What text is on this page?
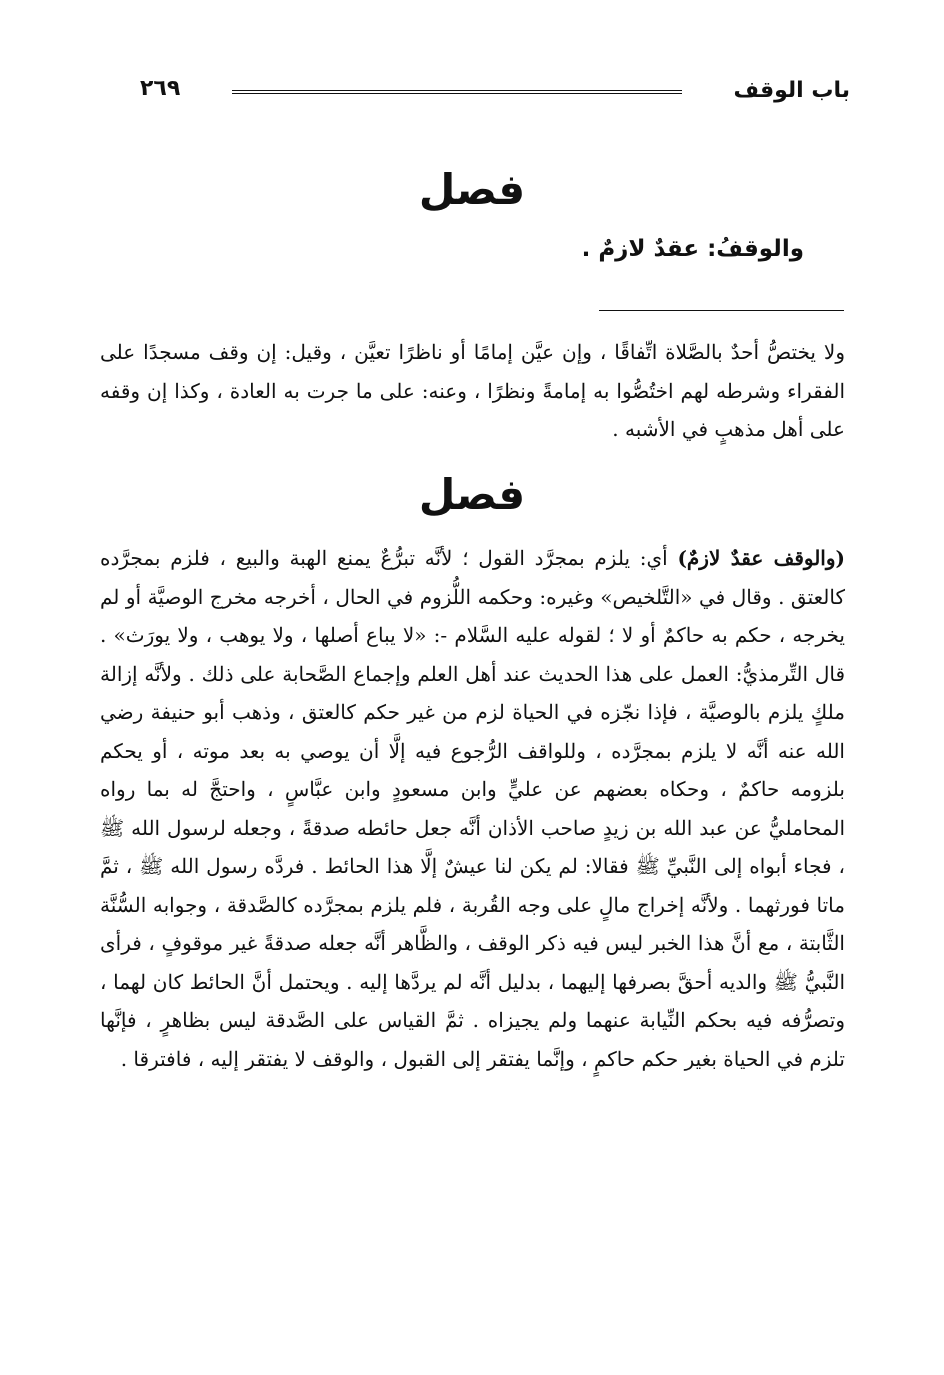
باب الوقف
٢٦٩
فصل
والوقفُ: عقدٌ لازمٌ .
ولا يختصُّ أحدٌ بالصَّلاة اتِّفاقًا ، وإن عيَّن إمامًا أو ناظرًا تعيَّن ، وقيل: إن وقف مسجدًا على الفقراء وشرطه لهم اختُصُّوا به إمامةً ونظرًا ، وعنه: على ما جرت به العادة ، وكذا إن وقفه على أهل مذهبٍ في الأشبه .
فصل
(والوقف عقدٌ لازمٌ) أي: يلزم بمجرَّد القول ؛ لأنَّه تبرُّعٌ يمنع الهبة والبيع ، فلزم بمجرَّده كالعتق . وقال في «التَّلخيص» وغيره: وحكمه اللُّزوم في الحال ، أخرجه مخرج الوصيَّة أو لم يخرجه ، حكم به حاكمٌ أو لا ؛ لقوله عليه السَّلام -: «لا يباع أصلها ، ولا يوهب ، ولا يورَث» . قال التِّرمذيُّ: العمل على هذا الحديث عند أهل العلم وإجماع الصَّحابة على ذلك . ولأنَّه إزالة ملكٍ يلزم بالوصيَّة ، فإذا نجّزه في الحياة لزم من غير حكم كالعتق ، وذهب أبو حنيفة رضي الله عنه أنَّه لا يلزم بمجرَّده ، وللواقف الرُّجوع فيه إلَّا أن يوصي به بعد موته ، أو يحكم بلزومه حاكمٌ ، وحكاه بعضهم عن عليٍّ وابن مسعودٍ وابن عبَّاسٍ ، واحتجَّ له بما رواه المحامليُّ عن عبد الله بن زيدٍ صاحب الأذان أنَّه جعل حائطه صدقةً ، وجعله لرسول الله ﷺ ، فجاء أبواه إلى النَّبيِّ ﷺ فقالا: لم يكن لنا عيشٌ إلَّا هذا الحائط . فردَّه رسول الله ﷺ ، ثمَّ ماتا فورثهما . ولأنَّه إخراج مالٍ على وجه القُربة ، فلم يلزم بمجرَّده كالصَّدقة ، وجوابه السُّنَّة الثَّابتة ، مع أنَّ هذا الخبر ليس فيه ذكر الوقف ، والظَّاهر أنَّه جعله صدقةً غير موقوفٍ ، فرأى النَّبيُّ ﷺ والديه أحقَّ بصرفها إليهما ، بدليل أنَّه لم يردَّها إليه . ويحتمل أنَّ الحائط كان لهما ، وتصرُّفه فيه بحكم النِّيابة عنهما ولم يجيزاه . ثمَّ القياس على الصَّدقة ليس بظاهرٍ ، فإنَّها تلزم في الحياة بغير حكم حاكمٍ ، وإنَّما يفتقر إلى القبول ، والوقف لا يفتقر إليه ، فافترقا .
